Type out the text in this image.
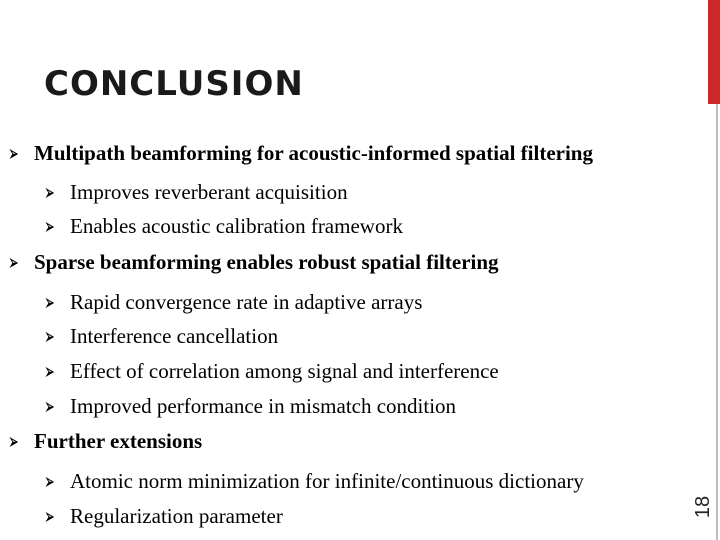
18
CONCLUSION
⮚ Multipath beamforming for acoustic-informed spatial filtering
⮚ Improves reverberant acquisition
⮚ Enables acoustic calibration framework
⮚ Sparse beamforming enables robust spatial filtering
⮚ Rapid convergence rate in adaptive arrays
⮚ Interference cancellation
⮚ Effect of correlation among signal and interference
⮚ Improved performance in mismatch condition
⮚ Further extensions
⮚ Atomic norm minimization for infinite/continuous dictionary
⮚ Regularization parameter
